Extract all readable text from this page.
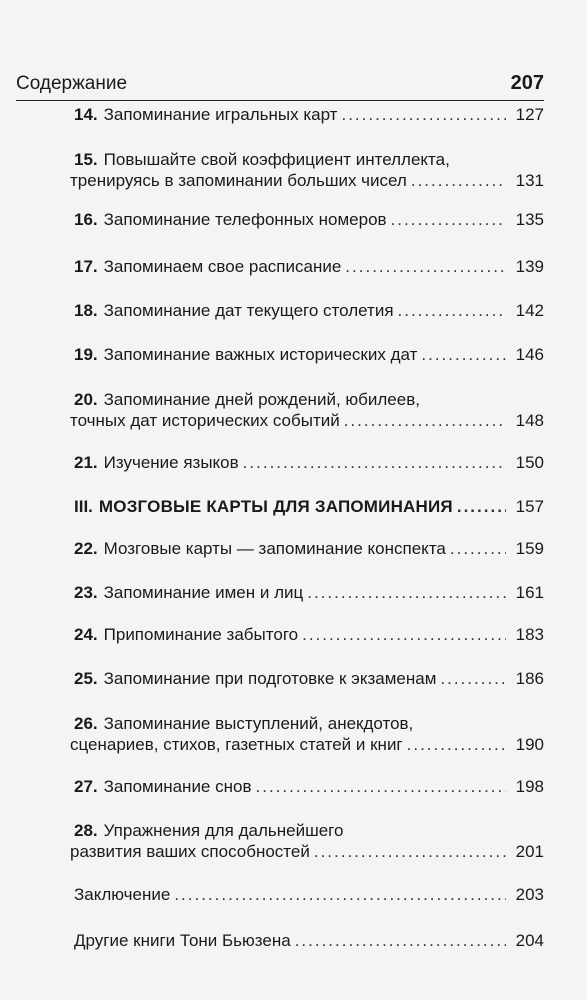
Содержание	207
14. Запоминание игральных карт .....	127
15. Повышайте свой коэффициент интеллекта,
тренируясь в запоминании больших чисел .....	131
16. Запоминание телефонных номеров .....	135
17. Запоминаем свое расписание .....	139
18. Запоминание дат текущего столетия .....	142
19. Запоминание важных исторических дат .....	146
20. Запоминание дней рождений, юбилеев,
точных дат исторических событий .....	148
21. Изучение языков .....	150
III. МОЗГОВЫЕ КАРТЫ ДЛЯ ЗАПОМИНАНИЯ .....	157
22. Мозговые карты — запоминание конспекта .....	159
23. Запоминание имен и лиц .....	161
24. Припоминание забытого .....	183
25. Запоминание при подготовке к экзаменам .....	186
26. Запоминание выступлений, анекдотов,
сценариев, стихов, газетных статей и книг .....	190
27. Запоминание снов .....	198
28. Упражнения для дальнейшего
развития ваших способностей .....	201
Заключение .....	203
Другие книги Тони Бьюзена .....	204
